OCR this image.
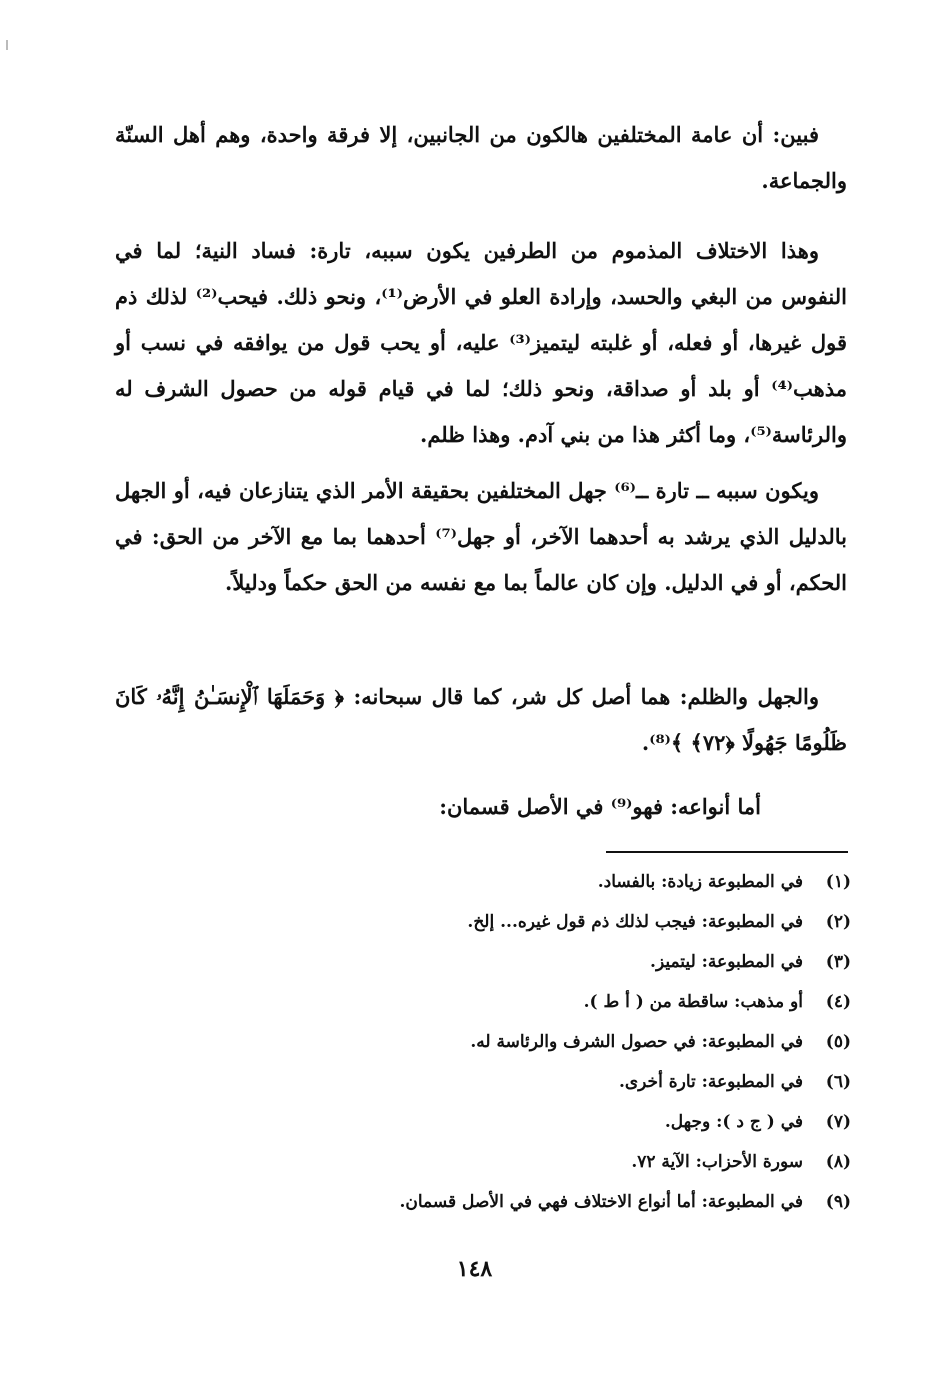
فبين: أن عامة المختلفين هالكون من الجانبين، إلا فرقة واحدة، وهم أهل السنّة والجماعة.

وهذا الاختلاف المذموم من الطرفين يكون سببه، تارة: فساد النية؛ لما في النفوس من البغي والحسد، وإرادة العلو في الأرض⁽¹⁾، ونحو ذلك. فيحب⁽²⁾ لذلك ذم قول غيرها، أو فعله، أو غلبته ليتميز⁽³⁾ عليه، أو يحب قول من يوافقه في نسب أو مذهب⁽⁴⁾ أو بلد أو صداقة، ونحو ذلك؛ لما في قيام قوله من حصول الشرف له والرئاسة⁽⁵⁾، وما أكثر هذا من بني آدم. وهذا ظلم.

ويكون سببه ــ تارة ــ⁽⁶⁾ جهل المختلفين بحقيقة الأمر الذي يتنازعان فيه، أو الجهل بالدليل الذي يرشد به أحدهما الآخر، أو جهل⁽⁷⁾ أحدهما بما مع الآخر من الحق: في الحكم، أو في الدليل. وإن كان عالماً بما مع نفسه من الحق حكماً ودليلاً.

والجهل والظلم: هما أصل كل شر، كما قال سبحانه: ﴿ وَحَمَلَهَا ٱلْإِنسَـٰنُ إِنَّهُۥ كَانَ ظَلُومًا جَهُولًا ﴿٧٢﴾ ﴾⁽⁸⁾.

أما أنواعه: فهو⁽⁹⁾ في الأصل قسمان:

(١)في المطبوعة زيادة: بالفساد.
(٢)في المطبوعة: فيجب لذلك ذم قول غيره... إلخ.
(٣)في المطبوعة: ليتميز.
(٤)أو مذهب: ساقطة من ( أ ط ).
(٥)في المطبوعة: في حصول الشرف والرئاسة له.
(٦)في المطبوعة: تارة أخرى.
(٧)في ( ج د ): وجهل.
(٨)سورة الأحزاب: الآية ٧٢.
(٩)في المطبوعة: أما أنواع الاختلاف فهي في الأصل قسمان.
١٤٨
